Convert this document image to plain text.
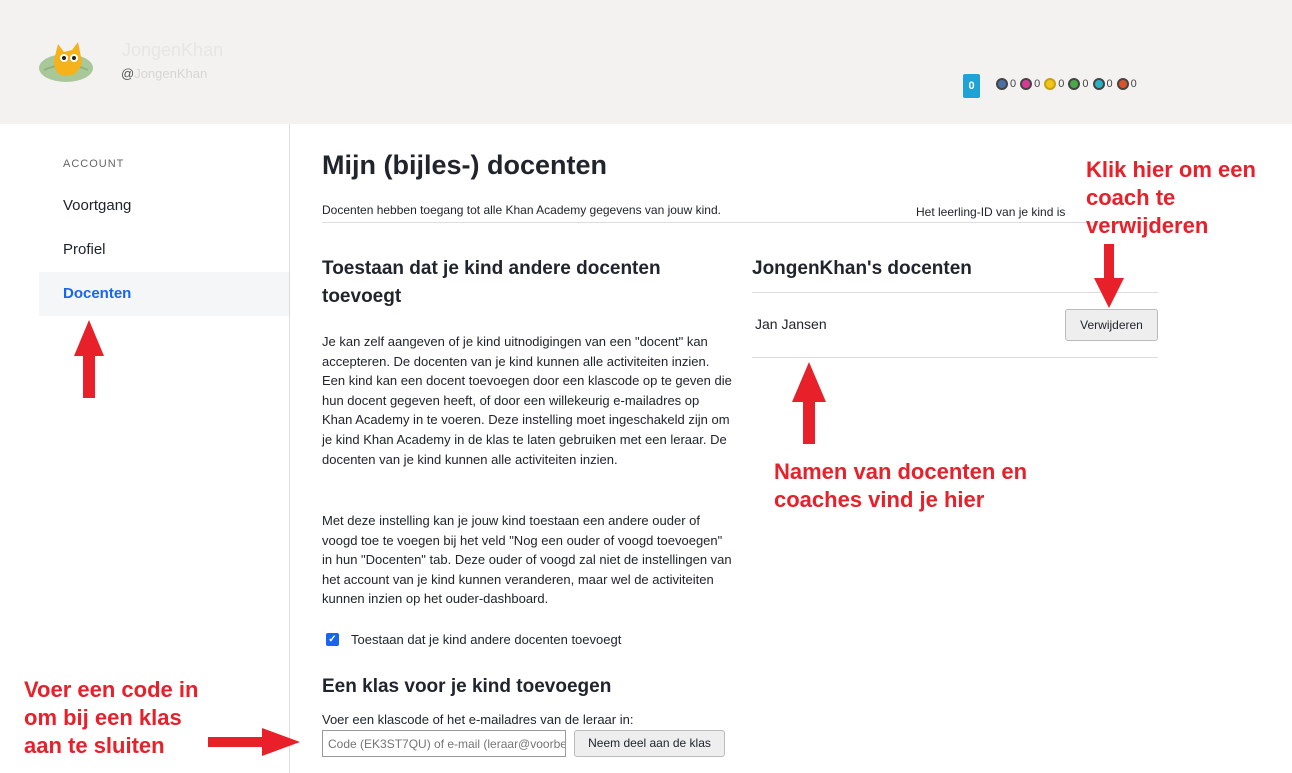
JongenKhan
@JongenKhan
0	0 0 0 0 0 0
ACCOUNT
Voortgang
Profiel
Docenten
Mijn (bijles-) docenten
Docenten hebben toegang tot alle Khan Academy gegevens van jouw kind.	Het leerling-ID van je kind is
Toestaan dat je kind andere docenten toevoegt
Je kan zelf aangeven of je kind uitnodigingen van een "docent" kan accepteren. De docenten van je kind kunnen alle activiteiten inzien. Een kind kan een docent toevoegen door een klascode op te geven die hun docent gegeven heeft, of door een willekeurig e-mailadres op Khan Academy in te voeren. Deze instelling moet ingeschakeld zijn om je kind Khan Academy in de klas te laten gebruiken met een leraar. De docenten van je kind kunnen alle activiteiten inzien.
Met deze instelling kan je jouw kind toestaan een andere ouder of voogd toe te voegen bij het veld "Nog een ouder of voogd toevoegen" in hun "Docenten" tab. Deze ouder of voogd zal niet de instellingen van het account van je kind kunnen veranderen, maar wel de activiteiten kunnen inzien op het ouder-dashboard.
✓ Toestaan dat je kind andere docenten toevoegt
Een klas voor je kind toevoegen
Voer een klascode of het e-mailadres van de leraar in:
Code (EK3ST7QU) of e-mail (leraar@voorbeeld.nl)
Neem deel aan de klas
JongenKhan's docenten
Jan Jansen	Verwijderen
Klik hier om een coach te verwijderen
Namen van docenten en coaches vind je hier
Voer een code in om bij een klas aan te sluiten
